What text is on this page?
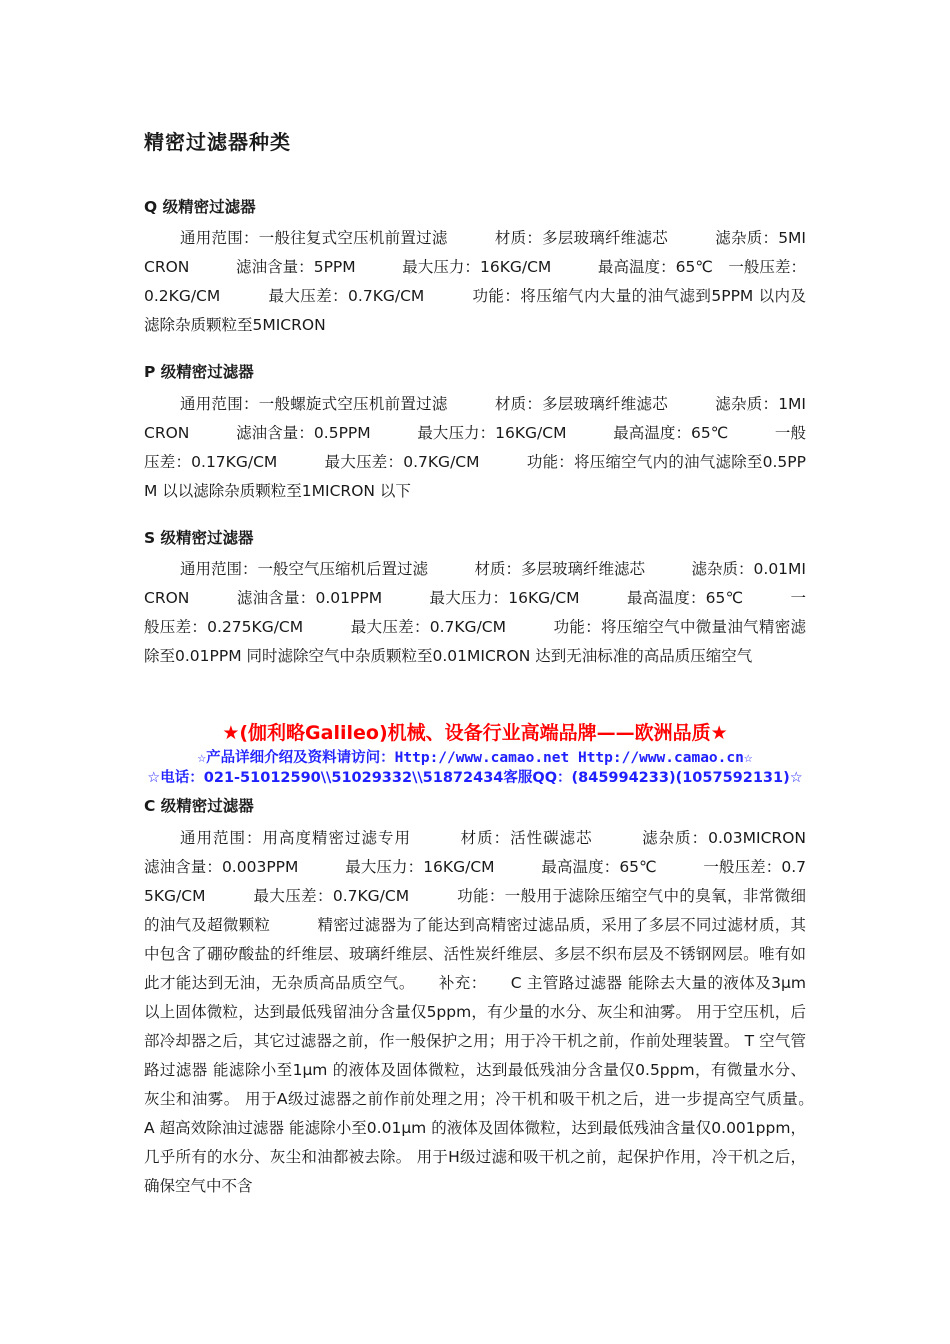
精密过滤器种类
Q 级精密过滤器

通用范围：一般往复式空压机前置过滤　　　材质：多层玻璃纤维滤芯　　　滤杂质：5MICRON　　　滤油含量：5PPM　　　最大压力：16KG/CM　　　最高温度：65℃　一般压差：0.2KG/CM　　　最大压差：0.7KG/CM　　　功能：将压缩气内大量的油气滤到5PPM 以内及滤除杂质颗粒至5MICRON

P 级精密过滤器

通用范围：一般螺旋式空压机前置过滤　　　材质：多层玻璃纤维滤芯　　　滤杂质：1MICRON　　　滤油含量：0.5PPM　　　最大压力：16KG/CM　　　最高温度：65℃　　　一般压差：0.17KG/CM　　　最大压差：0.7KG/CM　　　功能：将压缩空气内的油气滤除至0.5PPM 以以滤除杂质颗粒至1MICRON 以下

S 级精密过滤器

通用范围：一般空气压缩机后置过滤　　　材质：多层玻璃纤维滤芯　　　滤杂质：0.01MICRON　　　滤油含量：0.01PPM　　　最大压力：16KG/CM　　　最高温度：65℃　　　一般压差：0.275KG/CM　　　最大压差：0.7KG/CM　　　功能：将压缩空气中微量油气精密滤除至0.01PPM 同时滤除空气中杂质颗粒至0.01MICRON 达到无油标准的高品质压缩空气

★(伽利略Galileo)机械、设备行业高端品牌——欧洲品质★

☆产品详细介绍及资料请访问：Http://www.camao.net Http://www.camao.cn☆

☆电话：021-51012590\\51029332\\51872434客服QQ：(845994233)(1057592131)☆

C 级精密过滤器

通用范围：用高度精密过滤专用　　　材质：活性碳滤芯　　　滤杂质：0.03MICRON　　　滤油含量：0.003PPM　　　最大压力：16KG/CM　　　最高温度：65℃　　　一般压差：0.75KG/CM　　　最大压差：0.7KG/CM　　　功能：一般用于滤除压缩空气中的臭氧，非常微细的油气及超微颗粒　　　精密过滤器为了能达到高精密过滤品质，采用了多层不同过滤材质，其中包含了硼矽酸盐的纤维层、玻璃纤维层、活性炭纤维层、多层不织布层及不锈钢网层。唯有如此才能达到无油，无杂质高品质空气。　　补充：　　C 主管路过滤器 能除去大量的液体及3μm 以上固体微粒，达到最低残留油分含量仅5ppm，有少量的水分、灰尘和油雾。 用于空压机，后部冷却器之后，其它过滤器之前，作一般保护之用；用于冷干机之前，作前处理装置。 T 空气管路过滤器 能滤除小至1μm 的液体及固体微粒，达到最低残油分含量仅0.5ppm，有微量水分、灰尘和油雾。 用于A级过滤器之前作前处理之用；冷干机和吸干机之后，进一步提高空气质量。　　A 超高效除油过滤器 能滤除小至0.01μm 的液体及固体微粒，达到最低残油含量仅0.001ppm，几乎所有的水分、灰尘和油都被去除。 用于H级过滤和吸干机之前，起保护作用，冷干机之后，确保空气中不含
